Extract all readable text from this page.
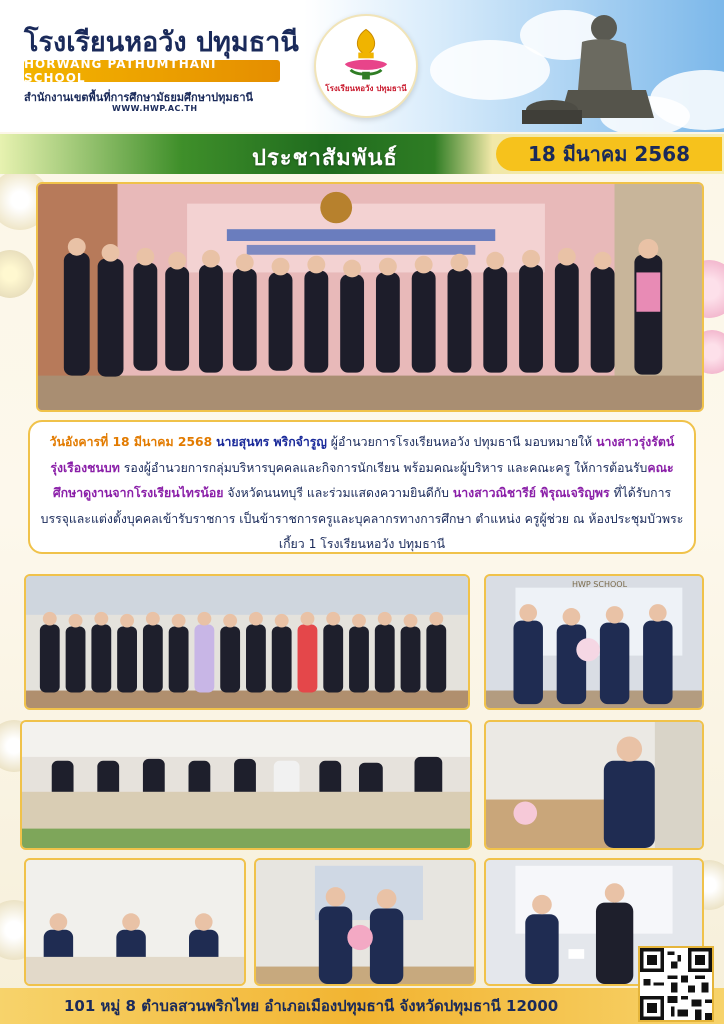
โรงเรียนหอวัง ปทุมธานี
HORWANG PATHUMTHANI SCHOOL
สำนักงานเขตพื้นที่การศึกษามัธยมศึกษาปทุมธานี
WWW.HWP.AC.TH
โรงเรียนหอวัง ปทุมธานี
ประชาสัมพันธ์	18 มีนาคม 2568
วันอังคารที่ 18 มีนาคม 2568 นายสุนทร พริกจำรูญ ผู้อำนวยการโรงเรียนหอวัง ปทุมธานี มอบหมายให้ นางสาวรุ่งรัตน์ รุ่งเรืองชนบท รองผู้อำนวยการกลุ่มบริหารบุคคลและกิจการนักเรียน พร้อมคณะผู้บริหาร และคณะครู ให้การต้อนรับคณะศึกษาดูงานจากโรงเรียนไทรน้อย จังหวัดนนทบุรี และร่วมแสดงความยินดีกับ นางสาวณิชารีย์ พิรุณเจริญพร ที่ได้รับการบรรจุและแต่งตั้งบุคคลเข้ารับราชการ เป็นข้าราชการครูและบุคลากรทางการศึกษา ตำแหน่ง ครูผู้ช่วย ณ ห้องประชุมบัวพระเกี้ยว 1 โรงเรียนหอวัง ปทุมธานี
HWP SCHOOL
101 หมู่ 8 ตำบลสวนพริกไทย อำเภอเมืองปทุมธานี จังหวัดปทุมธานี 12000
